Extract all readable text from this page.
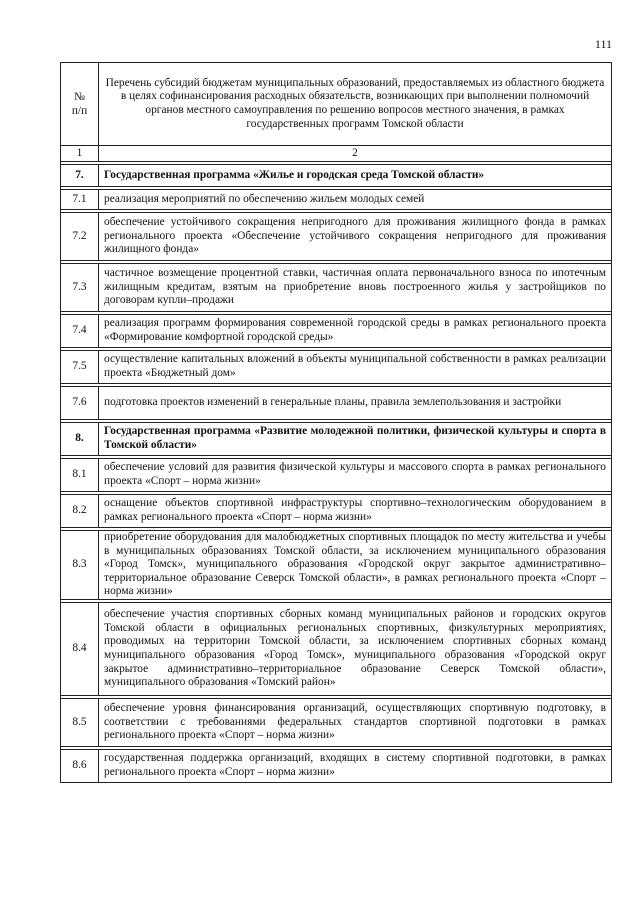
111
№
п/п	Перечень субсидий бюджетам муниципальных образований, предоставляемых из областного бюджета в целях софинансирования расходных обязательств, возникающих при выполнении полномочий органов местного самоуправления по решению вопросов местного значения, в рамках государственных программ Томской области
1	2

7.	Государственная программа «Жилье и городская среда Томской области»

7.1	реализация мероприятий по обеспечению жильем молодых семей

7.2	обеспечение устойчивого сокращения непригодного для проживания жилищного фонда в рамках регионального проекта «Обеспечение устойчивого сокращения непригодного для проживания жилищного фонда»

7.3	частичное возмещение процентной ставки, частичная оплата первоначального взноса по ипотечным жилищным кредитам, взятым на приобретение вновь построенного жилья у застройщиков по договорам купли–продажи

7.4	реализация программ формирования современной городской среды в рамках регионального проекта «Формирование комфортной городской среды»

7.5	осуществление капитальных вложений в объекты муниципальной собственности в рамках реализации проекта «Бюджетный дом»

7.6	подготовка проектов изменений в генеральные планы, правила землепользования и застройки

8.	Государственная программа «Развитие молодежной политики, физической культуры и спорта в Томской области»

8.1	обеспечение условий для развития физической культуры и массового спорта в рамках регионального проекта «Спорт – норма жизни»

8.2	оснащение объектов спортивной инфраструктуры спортивно–технологическим оборудованием в рамках регионального проекта «Спорт – норма жизни»

8.3	приобретение оборудования для малобюджетных спортивных площадок по месту жительства и учебы в муниципальных образованиях Томской области, за исключением муниципального образования «Город Томск», муниципального образования «Городской округ закрытое административно–территориальное образование Северск Томской области», в рамках регионального проекта «Спорт – норма жизни»

8.4	обеспечение участия спортивных сборных команд муниципальных районов и городских округов Томской области в официальных региональных спортивных, физкультурных мероприятиях, проводимых на территории Томской области, за исключением спортивных сборных команд муниципального образования «Город Томск», муниципального образования «Городской округ закрытое административно–территориальное образование Северск Томской области», муниципального образования «Томский район»

8.5	обеспечение уровня финансирования организаций, осуществляющих спортивную подготовку, в соответствии с требованиями федеральных стандартов спортивной подготовки в рамках регионального проекта «Спорт – норма жизни»

8.6	государственная поддержка организаций, входящих в систему спортивной подготовки, в рамках регионального проекта «Спорт – норма жизни»
